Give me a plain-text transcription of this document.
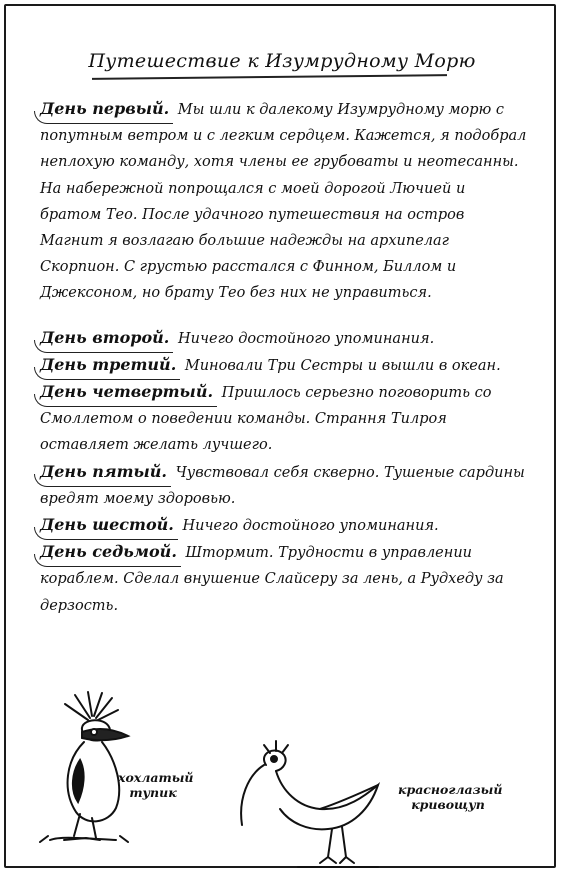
Путешествие к Изумрудному Морю

День первый. Мы шли к далекому Изумрудному морю с попутным ветром и с легким сердцем. Кажется, я подобрал неплохую команду, хотя члены ее грубоваты и неотесанны. На набережной попрощался с моей дорогой Лючией и братом Тео. После удачного путешествия на остров Магнит я возлагаю большие надежды на архипелаг Скорпион. С грустью расстался с Финном, Биллом и Джексоном, но брату Тео без них не управиться.

День второй. Ничего достойного упоминания.

День третий. Миновали Три Сестры и вышли в океан.

День четвертый. Пришлось серьезно поговорить со Смоллетом о поведении команды. Страння Тилроя оставляет желать лучшего.

День пятый. Чувствовал себя скверно. Тушеные сардины вредят моему здоровью.

День шестой. Ничего достойного упоминания.

День седьмой. Штормит. Трудности в управлении кораблем. Сделал внушение Слайсеру за лень, а Рудхеду за дерзость.

хохлатый
тупик	красноглазый
кривощуп
